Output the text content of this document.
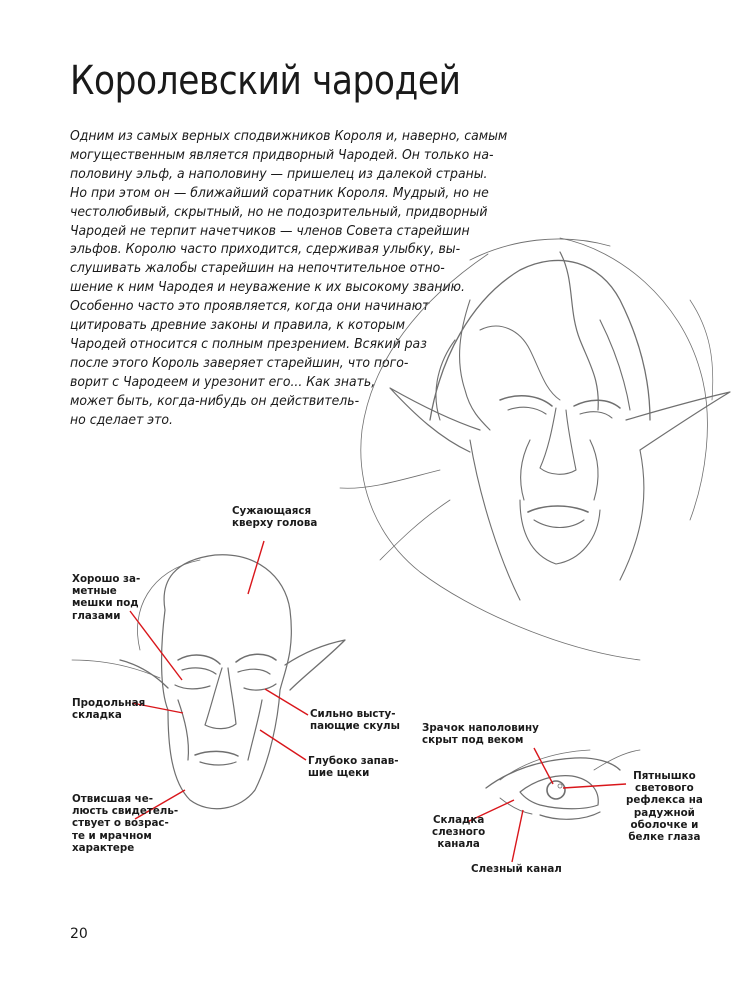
Королевский чародей
Одним из самых верных сподвижников Короля и, наверно, самым
могущественным является придворный Чародей. Он только на-
половину эльф, а наполовину — пришелец из далекой страны.
Но при этом он — ближайший соратник Короля. Мудрый, но не
честолюбивый, скрытный, но не подозрительный, придворный
Чародей не терпит начетчиков — членов Совета старейшин
эльфов. Королю часто приходится, сдерживая улыбку, вы-
слушивать жалобы старейшин на непочтительное отно-
шение к ним Чародея и неуважение к их высокому званию.
Особенно часто это проявляется, когда они начинают
цитировать древние законы и правила, к которым
Чародей относится с полным презрением. Всякий раз
после этого Король заверяет старейшин, что пого-
ворит с Чародеем и урезонит его... Как знать,
может быть, когда-нибудь он действитель-
но сделает это.
Сужающаяся
кверху голова
Хорошо за-
метные
мешки под
глазами
Продольная
складка	Сильно высту-
пающие скулы
Глубоко запав-
шие щеки
Отвисшая че-
люсть свидетель-
ствует о возрас-
те и мрачном
характере
Зрачок наполовину
скрыт под веком
Пятнышко
светового
рефлекса на
радужной
оболочке и
белке глаза
Складка
слезного
канала
Слезный канал
20
